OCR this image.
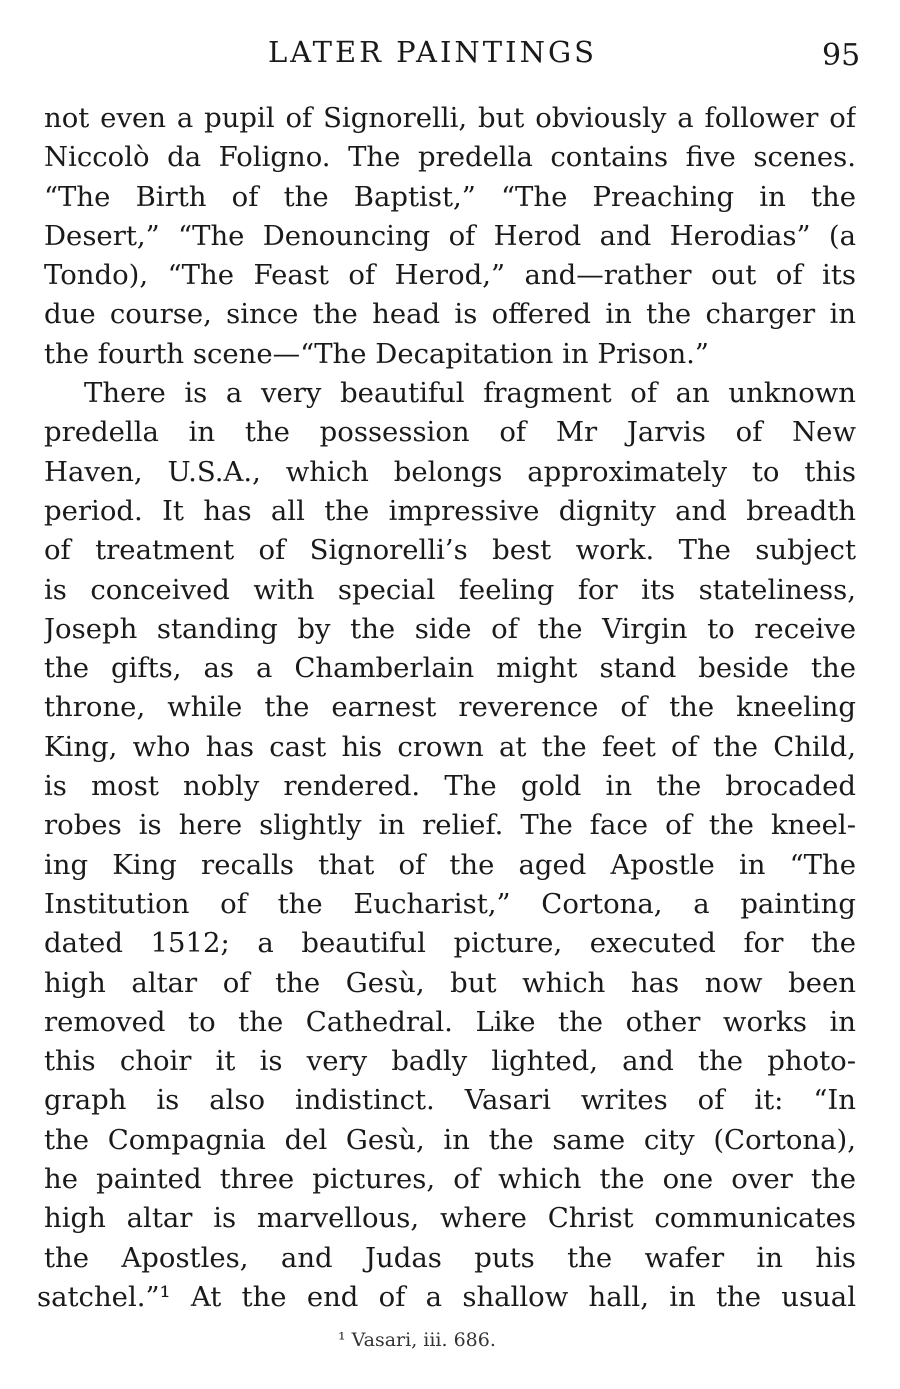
LATER PAINTINGS	95
not even a pupil of Signorelli, but obviously a follower of
Niccolò da Foligno. The predella contains five scenes.
“The Birth of the Baptist,” “The Preaching in the
Desert,” “The Denouncing of Herod and Herodias” (a
Tondo), “The Feast of Herod,” and—rather out of its
due course, since the head is offered in the charger in
the fourth scene—“The Decapitation in Prison.”
There is a very beautiful fragment of an unknown
predella in the possession of Mr Jarvis of New
Haven, U.S.A., which belongs approximately to this
period. It has all the impressive dignity and breadth
of treatment of Signorelli’s best work. The subject
is conceived with special feeling for its stateliness,
Joseph standing by the side of the Virgin to receive
the gifts, as a Chamberlain might stand beside the
throne, while the earnest reverence of the kneeling
King, who has cast his crown at the feet of the Child,
is most nobly rendered. The gold in the brocaded
robes is here slightly in relief. The face of the kneel-
ing King recalls that of the aged Apostle in “The
Institution of the Eucharist,” Cortona, a painting
dated 1512; a beautiful picture, executed for the
high altar of the Gesù, but which has now been
removed to the Cathedral. Like the other works in
this choir it is very badly lighted, and the photo-
graph is also indistinct. Vasari writes of it: “In
the Compagnia del Gesù, in the same city (Cortona),
he painted three pictures, of which the one over the
high altar is marvellous, where Christ communicates
the Apostles, and Judas puts the wafer in his
satchel.”¹ At the end of a shallow hall, in the usual
¹ Vasari, iii. 686.
